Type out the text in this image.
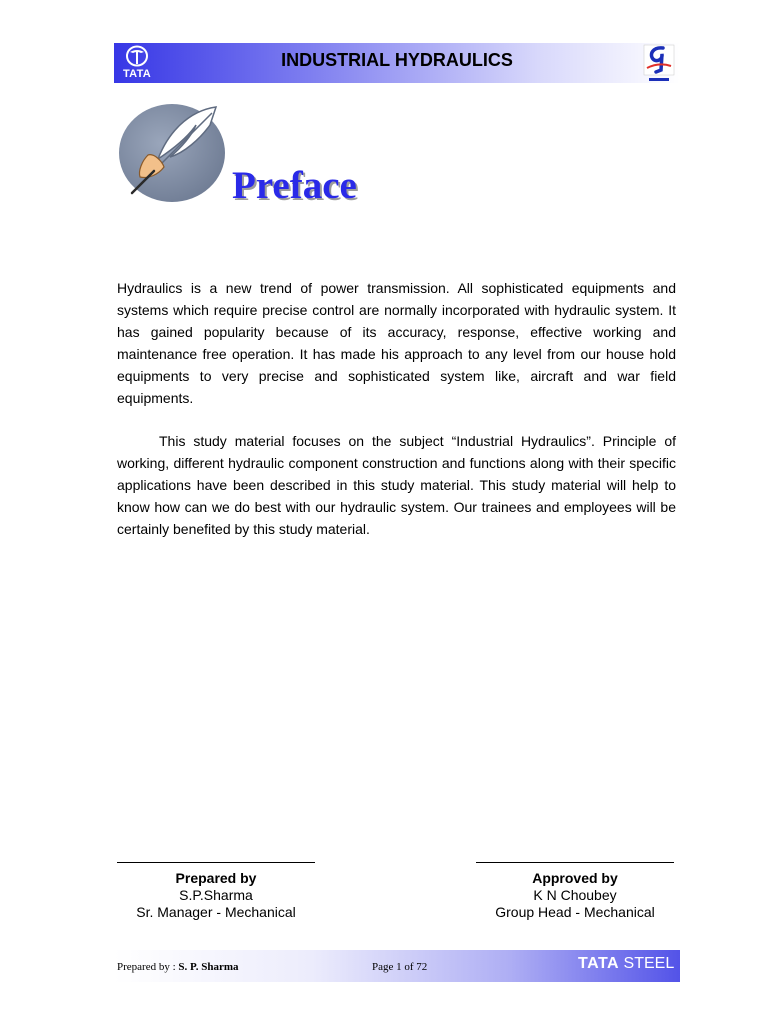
TATA
INDUSTRIAL HYDRAULICS
Preface

Hydraulics is a new trend of power transmission. All sophisticated equipments and systems which require precise control are normally incorporated with hydraulic system. It has gained popularity because of its accuracy, response, effective working and maintenance free operation. It has made his approach to any level from our house hold equipments to very precise and sophisticated system like, aircraft and war field equipments.

This study material focuses on the subject “Industrial Hydraulics”. Principle of working, different hydraulic component construction and functions along with their specific applications have been described in this study material. This study material will help to know how can we do best with our hydraulic system. Our trainees and employees will be certainly benefited by this study material.

Prepared by
S.P.Sharma
Sr. Manager - Mechanical
Approved by
K N Choubey
Group Head - Mechanical
Prepared by : S. P. Sharma	Page 1 of 72	TATA STEEL
